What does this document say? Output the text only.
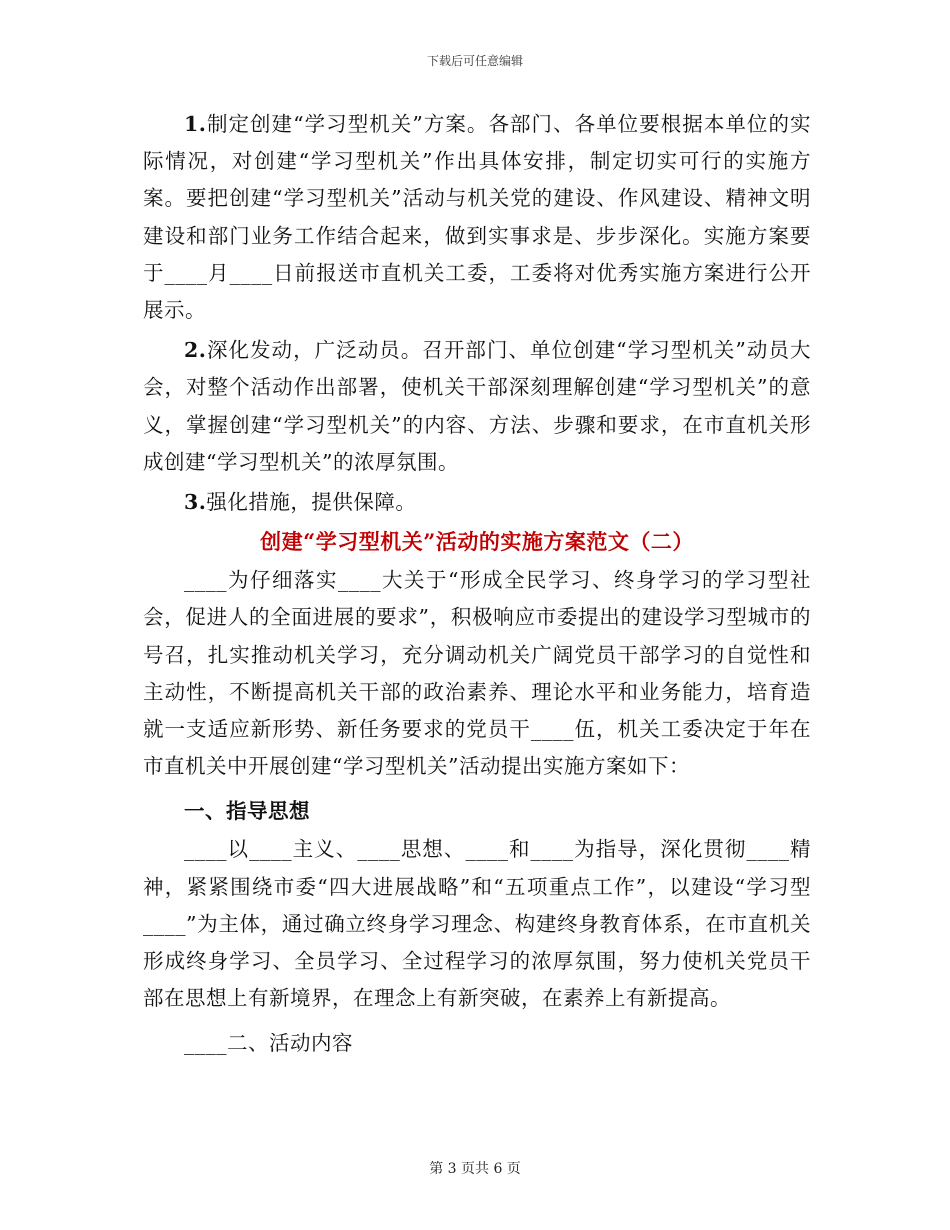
下载后可任意编辑

1.制定创建“学习型机关”方案。各部门、各单位要根据本单位的实际情况，对创建“学习型机关”作出具体安排，制定切实可行的实施方案。要把创建“学习型机关”活动与机关党的建设、作风建设、精神文明建设和部门业务工作结合起来，做到实事求是、步步深化。实施方案要于____月____日前报送市直机关工委，工委将对优秀实施方案进行公开展示。

2.深化发动，广泛动员。召开部门、单位创建“学习型机关”动员大会，对整个活动作出部署，使机关干部深刻理解创建“学习型机关”的意义，掌握创建“学习型机关”的内容、方法、步骤和要求，在市直机关形成创建“学习型机关”的浓厚氛围。

3.强化措施，提供保障。

创建“学习型机关”活动的实施方案范文（二）

____为仔细落实____大关于“形成全民学习、终身学习的学习型社会，促进人的全面进展的要求”，积极响应市委提出的建设学习型城市的号召，扎实推动机关学习，充分调动机关广阔党员干部学习的自觉性和主动性，不断提高机关干部的政治素养、理论水平和业务能力，培育造就一支适应新形势、新任务要求的党员干____伍，机关工委决定于年在市直机关中开展创建“学习型机关”活动提出实施方案如下：

一、指导思想

____以____主义、____思想、____和____为指导，深化贯彻____精神，紧紧围绕市委“四大进展战略”和“五项重点工作”，以建设“学习型____”为主体，通过确立终身学习理念、构建终身教育体系，在市直机关形成终身学习、全员学习、全过程学习的浓厚氛围，努力使机关党员干部在思想上有新境界，在理念上有新突破，在素养上有新提高。

____二、活动内容

第 3 页共 6 页
